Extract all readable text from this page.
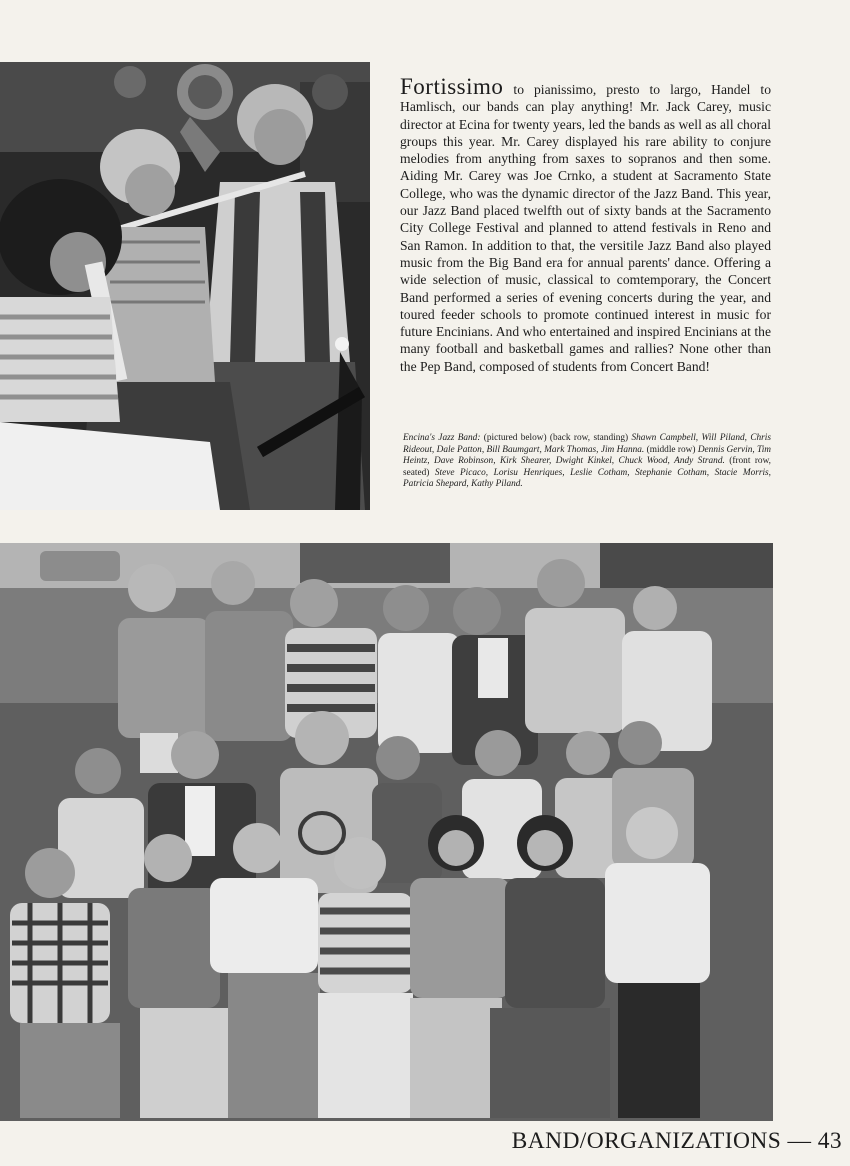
Fortissimo to pianissimo, presto to largo, Handel to Hamlisch, our bands can play anything! Mr. Jack Carey, music director at Ecina for twenty years, led the bands as well as all choral groups this year. Mr. Carey displayed his rare ability to conjure melodies from anything from saxes to sopranos and then some. Aiding Mr. Carey was Joe Crnko, a student at Sacramento State College, who was the dynamic director of the Jazz Band. This year, our Jazz Band placed twelfth out of sixty bands at the Sacramento City College Festival and planned to attend festivals in Reno and San Ramon. In addition to that, the versitile Jazz Band also played music from the Big Band era for annual parents' dance. Offering a wide selection of music, classical to comtemporary, the Concert Band performed a series of evening concerts during the year, and toured feeder schools to promote continued interest in music for future Encinians. And who entertained and inspired Encinians at the many football and basketball games and rallies? None other than the Pep Band, composed of students from Concert Band!

Encina's Jazz Band: (pictured below) (back row, standing) Shawn Campbell, Will Piland, Chris Rideout, Dale Patton, Bill Baumgart, Mark Thomas, Jim Hanna. (middle row) Dennis Gervin, Tim Heintz, Dave Robinson, Kirk Shearer, Dwight Kinkel, Chuck Wood, Andy Strand. (front row, seated) Steve Picaco, Lorisu Henriques, Leslie Cotham, Stephanie Cotham, Stacie Morris, Patricia Shepard, Kathy Piland.

BAND/ORGANIZATIONS — 43
